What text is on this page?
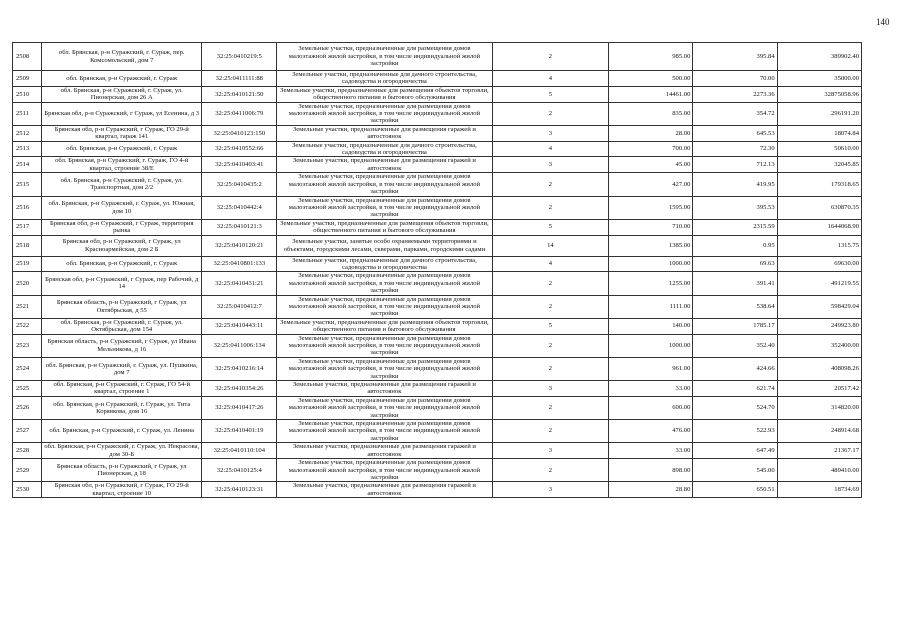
140
2508	обл. Брянская, р-н Суражский, г. Сураж, пер. Комсомольский, дом 7	32:25:0410219:5	Земельные участки, предназначенные для размещения домов малоэтажной жилой застройки, в том числе индивидуальной жилой застройки	2	985.00	395.84	389902.40
2509	обл. Брянская, р-н Суражский, г. Сураж	32:25:0411111:88	Земельные участки, предназначенные для дачного строительства, садоводства и огородничества	4	500.00	70.00	35000.00
2510	обл. Брянская, р-н Суражский, г. Сураж, ул. Пионерская, дом 26 А	32:25:0410121:50	Земельные участки, предназначенные для размещения объектов торговли, общественного питания и бытового обслуживания	5	14461.00	2273.36	32875058.96
2511	Брянская обл, р-н Суражский, г Сураж, ул Есенина, д 3	32:25:0411006:79	Земельные участки, предназначенные для размещения домов малоэтажной жилой застройки, в том числе индивидуальной жилой застройки	2	835.00	354.72	296191.20
2512	Брянская обл, р-н Суражский, г Сураж, ГО 29-й квартал, гараж 141	32:25:0410123:150	Земельные участки, предназначенные для размещения гаражей и автостоянок	3	28.00	645.53	18074.84
2513	обл. Брянская, р-н Суражский, г. Сураж	32:25:0410552:66	Земельные участки, предназначенные для дачного строительства, садоводства и огородничества	4	700.00	72.30	50610.00
2514	обл. Брянская, р-н Суражский, г. Сураж, ГО 4-й квартал, строение 38/Е	32:25:0410403:41	Земельные участки, предназначенные для размещения гаражей и автостоянок	3	45.00	712.13	32045.85
2515	обл. Брянская, р-н Суражский, г. Сураж, ул. Транспортная, дом 2/2	32:25:0410435:2	Земельные участки, предназначенные для размещения домов малоэтажной жилой застройки, в том числе индивидуальной жилой застройки	2	427.00	419.95	179318.65
2516	обл. Брянская, р-н Суражский, г. Сураж, ул. Южная, дом 10	32:25:0410442:4	Земельные участки, предназначенные для размещения домов малоэтажной жилой застройки, в том числе индивидуальной жилой застройки	2	1595.00	395.53	630870.35
2517	Брянская обл, р-н Суражский, г Сураж, территория рынка	32:25:0410121:3	Земельные участки, предназначенные для размещения объектов торговли, общественного питания и бытового обслуживания	5	710.00	2315.59	1644068.90
2518	Брянская обл, р-н Суражский, г Сураж, ул Красноармейская, дом 2 Б	32:25:0410120:21	Земельные участки, занятые особо охраняемыми территориями и объектами, городскими лесами, скверами, парками, городскими садами	14	1385.00	0.95	1315.75
2519	обл. Брянская, р-н Суражский, г. Сураж	32:25:0410801:133	Земельные участки, предназначенные для дачного строительства, садоводства и огородничества	4	1000.00	69.63	69630.00
2520	Брянская обл, р-н Суражский, г Сураж, пер Рабочий, д 14	32:25:0410431:21	Земельные участки, предназначенные для размещения домов малоэтажной жилой застройки, в том числе индивидуальной жилой застройки	2	1255.00	391.41	491219.55
2521	Брянская область, р-н Суражский, г Сураж, ул Октябрьская, д 55	32:25:0410412:7	Земельные участки, предназначенные для размещения домов малоэтажной жилой застройки, в том числе индивидуальной жилой застройки	2	1111.00	538.64	598429.04
2522	обл. Брянская, р-н Суражский, г. Сураж, ул. Октябрьская, дом 154	32:25:0410443:11	Земельные участки, предназначенные для размещения объектов торговли, общественного питания и бытового обслуживания	5	140.00	1785.17	249923.80
2523	Брянская область, р-н Суражский, г Сураж, ул Ивана Мельникова, д 16	32:25:0411006:134	Земельные участки, предназначенные для размещения домов малоэтажной жилой застройки, в том числе индивидуальной жилой застройки	2	1000.00	352.40	352400.00
2524	обл. Брянская, р-н Суражский, г. Сураж, ул. Пушкина, дом 7	32:25:0410216:14	Земельные участки, предназначенные для размещения домов малоэтажной жилой застройки, в том числе индивидуальной жилой застройки	2	961.00	424.66	408098.26
2525	обл. Брянская, р-н Суражский, г. Сураж, ГО 54-й квартал, строение 1	32:25:0410354:26	Земельные участки, предназначенные для размещения гаражей и автостоянок	3	33.00	621.74	20517.42
2526	обл. Брянская, р-н Суражский, г. Сураж, ул. Тита Корявкова, дом 16	32:25:0410417:26	Земельные участки, предназначенные для размещения домов малоэтажной жилой застройки, в том числе индивидуальной жилой застройки	2	600.00	524.70	314820.00
2527	обл. Брянская, р-н Суражский, г. Сураж, ул. Ленина	32:25:0410401:19	Земельные участки, предназначенные для размещения домов малоэтажной жилой застройки, в том числе индивидуальной жилой застройки	2	476.00	522.93	248914.68
2528	обл. Брянская, р-н Суражский, г. Сураж, ул. Некрасова, дом 30-Б	32:25:0410110:104	Земельные участки, предназначенные для размещения гаражей и автостоянок	3	33.00	647.49	21367.17
2529	Брянская область, р-н Суражский, г Сураж, ул Пионерская, д 18	32:25:0410125:4	Земельные участки, предназначенные для размещения домов малоэтажной жилой застройки, в том числе индивидуальной жилой застройки	2	898.00	545.00	489410.00
2530	Брянская обл, р-н Суражский, г Сураж, ГО 29-й квартал, строение 10	32:25:0410123:31	Земельные участки, предназначенные для размещения гаражей и автостоянок	3	28.80	650.51	18734.69
